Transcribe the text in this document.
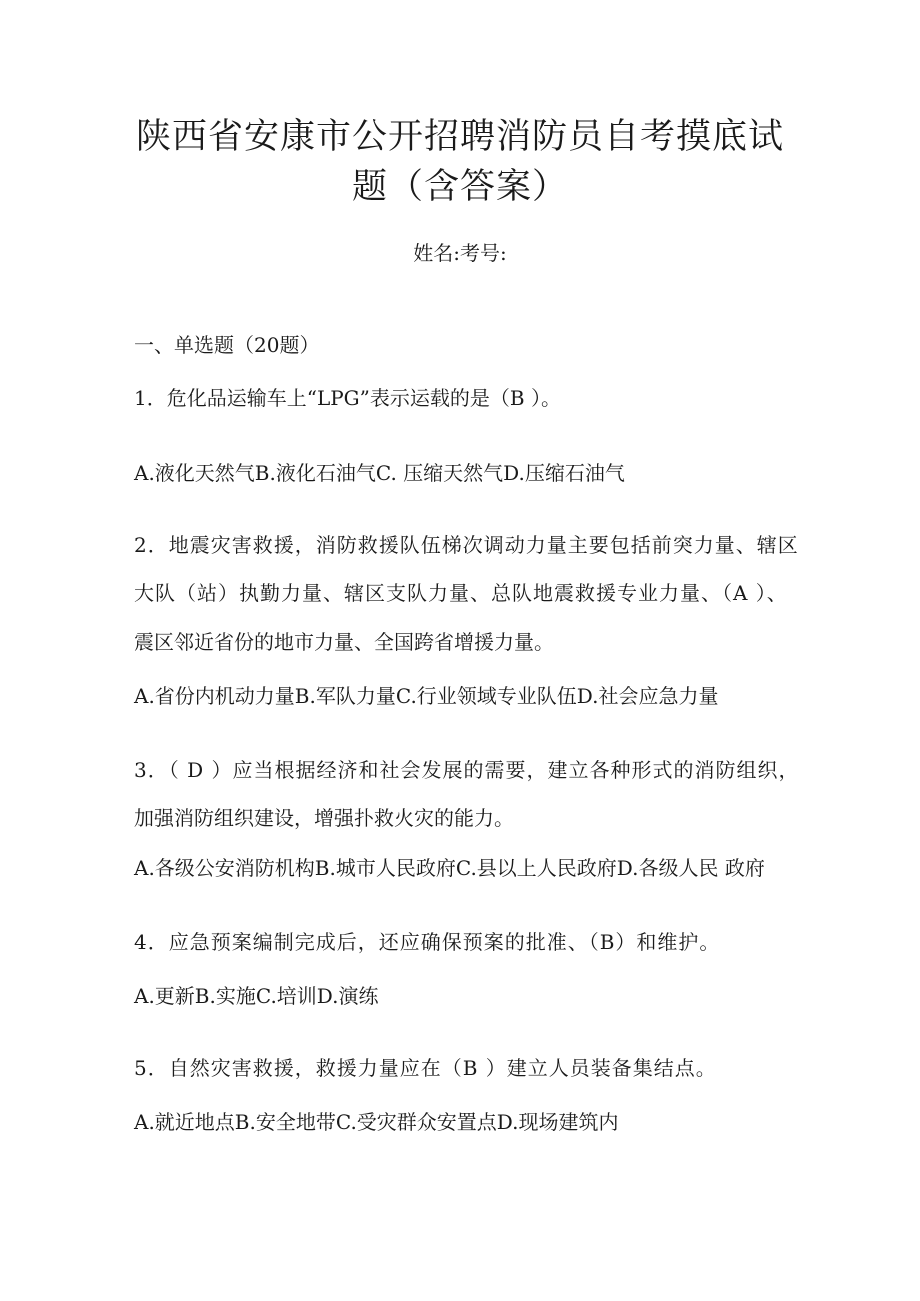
陕西省安康市公开招聘消防员自考摸底试
题（含答案）
姓名:考号:
一、单选题（20题）
1．危化品运输车上“LPG”表示运载的是（B ）。
A.液化天然气B.液化石油气C. 压缩天然气D.压缩石油气
2．地震灾害救援，消防救援队伍梯次调动力量主要包括前突力量、辖区
大队（站）执勤力量、辖区支队力量、总队地震救援专业力量、（A ）、
震区邻近省份的地市力量、全国跨省增援力量。
A.省份内机动力量B.军队力量C.行业领域专业队伍D.社会应急力量
3．（ D ）应当根据经济和社会发展的需要，建立各种形式的消防组织，
加强消防组织建设，增强扑救火灾的能力。
A.各级公安消防机构B.城市人民政府C.县以上人民政府D.各级人民 政府
4．应急预案编制完成后，还应确保预案的批准、（B）和维护。
A.更新B.实施C.培训D.演练
5．自然灾害救援，救援力量应在（B ）建立人员装备集结点。
A.就近地点B.安全地带C.受灾群众安置点D.现场建筑内
